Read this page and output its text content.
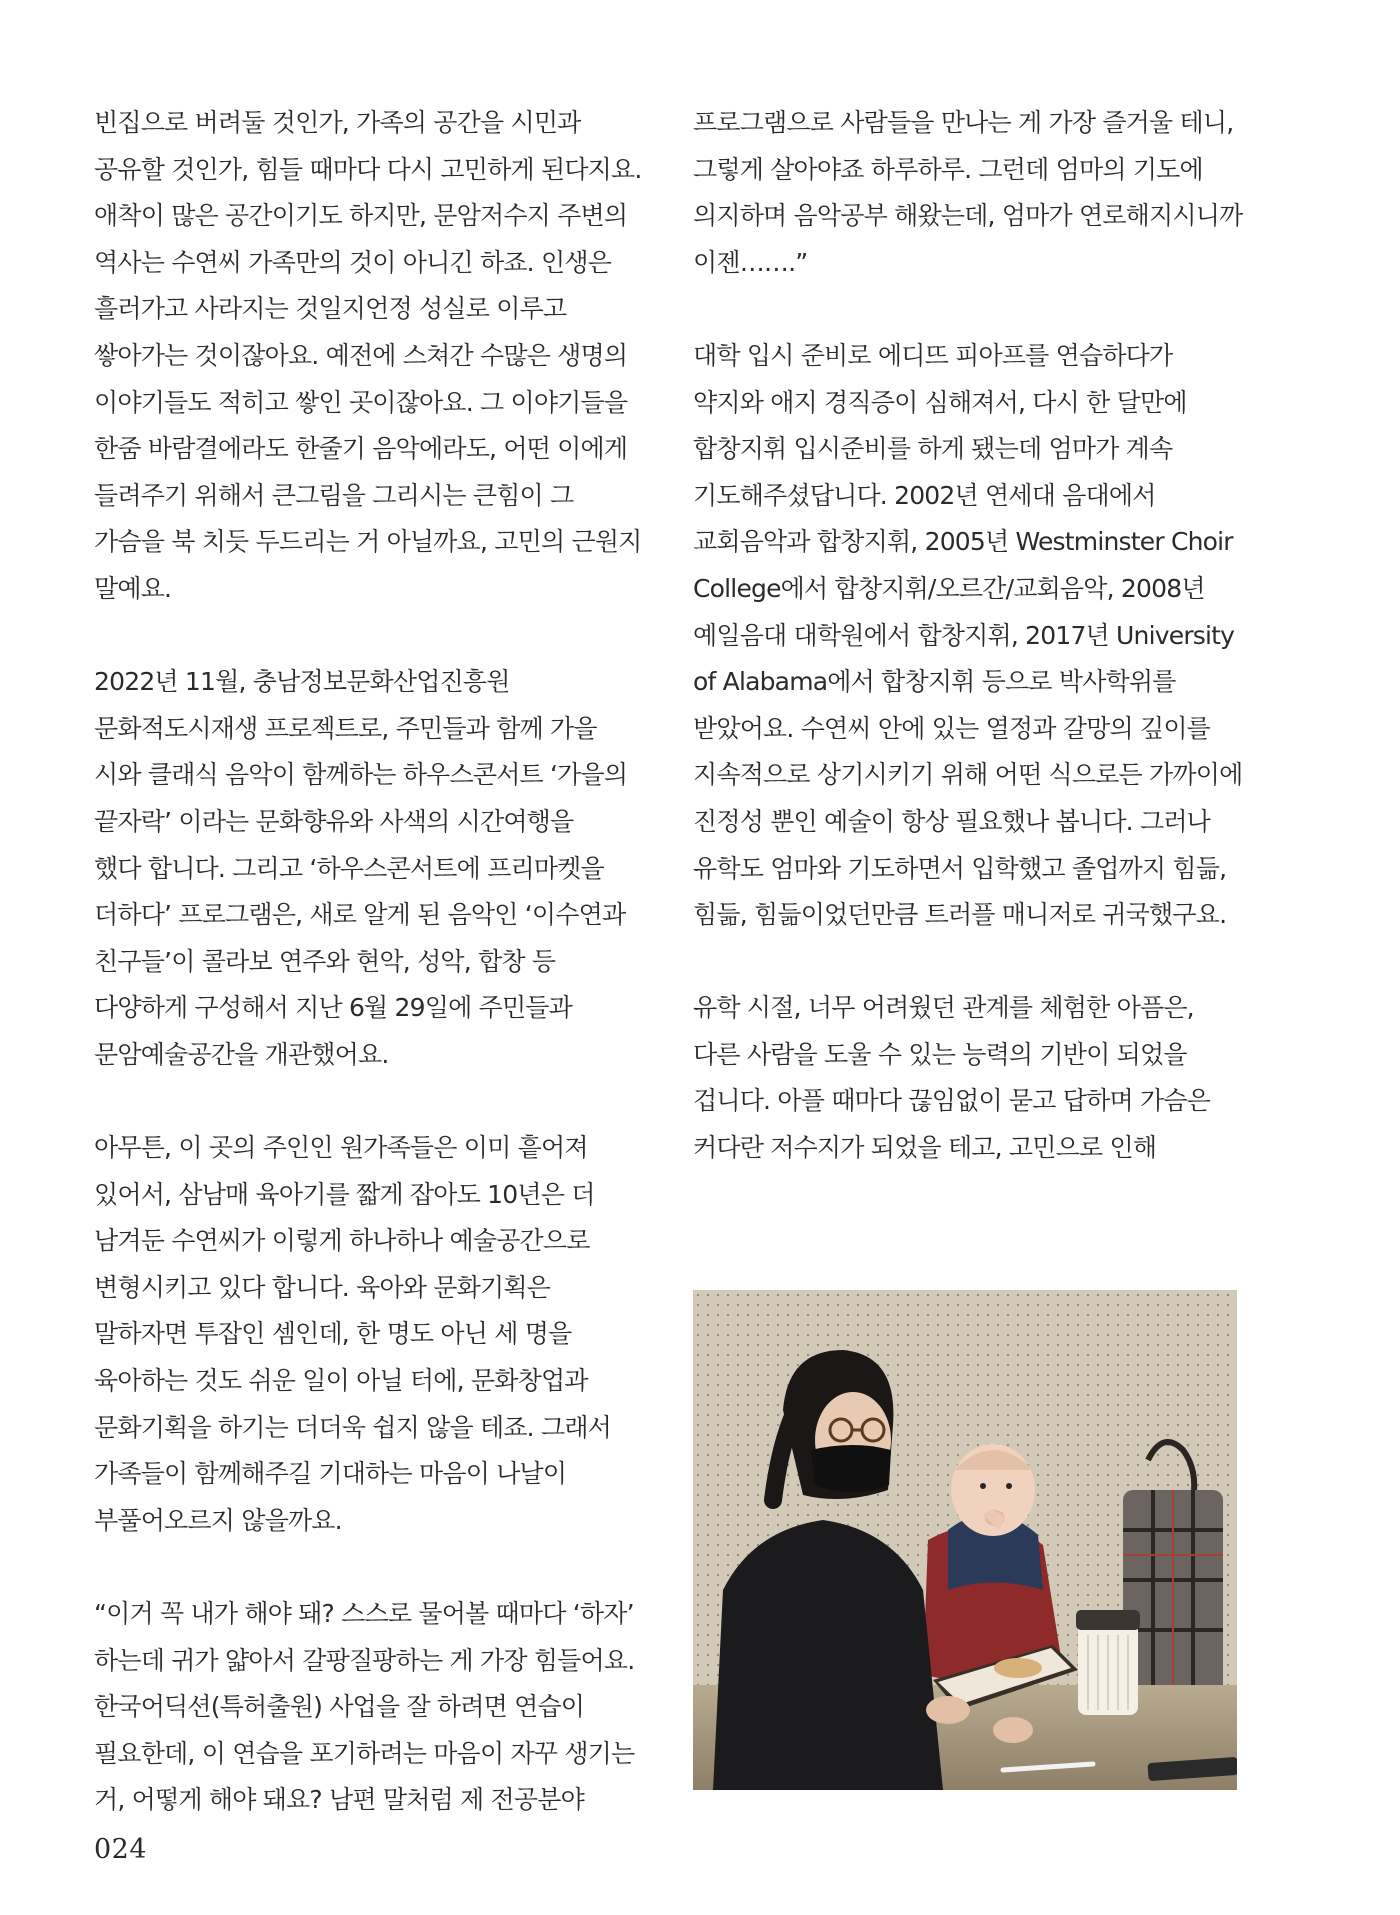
빈집으로 버려둘 것인가, 가족의 공간을 시민과
공유할 것인가, 힘들 때마다 다시 고민하게 된다지요.
애착이 많은 공간이기도 하지만, 문암저수지 주변의
역사는 수연씨 가족만의 것이 아니긴 하죠. 인생은
흘러가고 사라지는 것일지언정 성실로 이루고
쌓아가는 것이잖아요. 예전에 스쳐간 수많은 생명의
이야기들도 적히고 쌓인 곳이잖아요. 그 이야기들을
한줌 바람결에라도 한줄기 음악에라도, 어떤 이에게
들려주기 위해서 큰그림을 그리시는 큰힘이 그
가슴을 북 치듯 두드리는 거 아닐까요, 고민의 근원지
말예요.

2022년 11월, 충남정보문화산업진흥원
문화적도시재생 프로젝트로, 주민들과 함께 가을
시와 클래식 음악이 함께하는 하우스콘서트 ‘가을의
끝자락’ 이라는 문화향유와 사색의 시간여행을
했다 합니다. 그리고 ‘하우스콘서트에 프리마켓을
더하다’ 프로그램은, 새로 알게 된 음악인 ‘이수연과
친구들’이 콜라보 연주와 현악, 성악, 합창 등
다양하게 구성해서 지난 6월 29일에 주민들과
문암예술공간을 개관했어요.

아무튼, 이 곳의 주인인 원가족들은 이미 흩어져
있어서, 삼남매 육아기를 짧게 잡아도 10년은 더
남겨둔 수연씨가 이렇게 하나하나 예술공간으로
변형시키고 있다 합니다. 육아와 문화기획은
말하자면 투잡인 셈인데, 한 명도 아닌 세 명을
육아하는 것도 쉬운 일이 아닐 터에, 문화창업과
문화기획을 하기는 더더욱 쉽지 않을 테죠. 그래서
가족들이 함께해주길 기대하는 마음이 나날이
부풀어오르지 않을까요.

“이거 꼭 내가 해야 돼? 스스로 물어볼 때마다 ‘하자’
하는데 귀가 얇아서 갈팡질팡하는 게 가장 힘들어요.
한국어딕션(특허출원) 사업을 잘 하려면 연습이
필요한데, 이 연습을 포기하려는 마음이 자꾸 생기는
거, 어떻게 해야 돼요? 남편 말처럼 제 전공분야

프로그램으로 사람들을 만나는 게 가장 즐거울 테니,
그렇게 살아야죠 하루하루. 그런데 엄마의 기도에
의지하며 음악공부 해왔는데, 엄마가 연로해지시니까
이젠…….”

대학 입시 준비로 에디뜨 피아프를 연습하다가
약지와 애지 경직증이 심해져서, 다시 한 달만에
합창지휘 입시준비를 하게 됐는데 엄마가 계속
기도해주셨답니다. 2002년 연세대 음대에서
교회음악과 합창지휘, 2005년 Westminster Choir
College에서 합창지휘/오르간/교회음악, 2008년
예일음대 대학원에서 합창지휘, 2017년 University
of Alabama에서 합창지휘 등으로 박사학위를
받았어요. 수연씨 안에 있는 열정과 갈망의 깊이를
지속적으로 상기시키기 위해 어떤 식으로든 가까이에
진정성 뿐인 예술이 항상 필요했나 봅니다. 그러나
유학도 엄마와 기도하면서 입학했고 졸업까지 힘듦,
힘듦, 힘듦이었던만큼 트러플 매니저로 귀국했구요.

유학 시절, 너무 어려웠던 관계를 체험한 아픔은,
다른 사람을 도울 수 있는 능력의 기반이 되었을
겁니다. 아플 때마다 끊임없이 묻고 답하며 가슴은
커다란 저수지가 되었을 테고, 고민으로 인해

024
